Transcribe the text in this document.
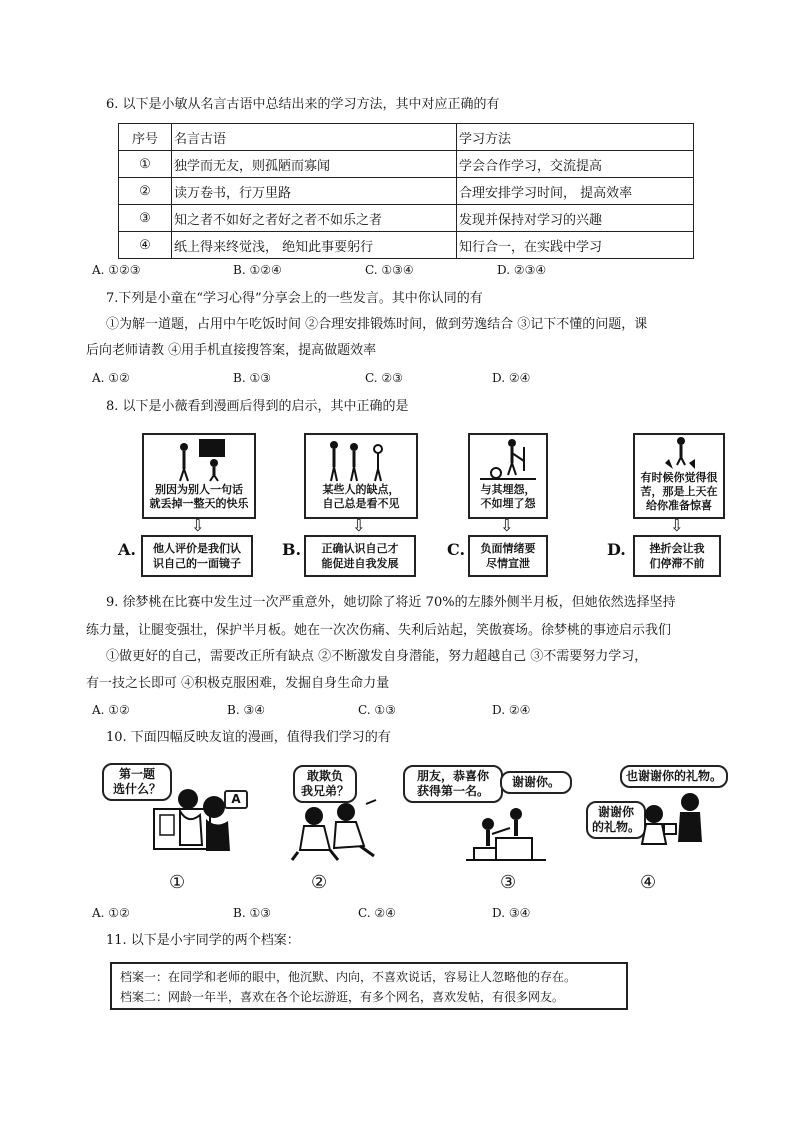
6. 以下是小敏从名言古语中总结出来的学习方法，其中对应正确的有
序号	名言古语	学习方法
①	独学而无友，则孤陋而寡闻	学会合作学习，交流提高
②	读万卷书，行万里路	合理安排学习时间， 提高效率
③	知之者不如好之者好之者不如乐之者	发现并保持对学习的兴趣
④	纸上得来终觉浅， 绝知此事要躬行	知行合一，在实践中学习
A. ①②③	B. ①②④	C. ①③④	D. ②③④
7.下列是小童在“学习心得”分享会上的一些发言。其中你认同的有
①为解一道题，占用中午吃饭时间 ②合理安排锻炼时间，做到劳逸结合 ③记下不懂的问题，课
后向老师请教 ④用手机直接搜答案，提高做题效率
A. ①②	B. ①③	C. ②③	D. ②④
8. 以下是小薇看到漫画后得到的启示，其中正确的是
别因为别人一句话
就丢掉一整天的快乐
⇩
A.	他人评价是我们认
识自己的一面镜子
某些人的缺点，
自己总是看不见
⇩
B.	正确认识自己才
能促进自我发展
与其埋怨，
不如埋了怨
⇩
C.	负面情绪要
尽情宣泄
有时候你觉得很
苦，那是上天在
给你准备惊喜
⇩
D.	挫折会让我
们停滞不前
9. 徐梦桃在比赛中发生过一次严重意外，她切除了将近 70%的左膝外侧半月板，但她依然选择坚持
练力量，让腿变强壮，保护半月板。她在一次次伤痛、失利后站起，笑傲赛场。徐梦桃的事迹启示我们
①做更好的自己，需要改正所有缺点 ②不断激发自身潜能，努力超越自己 ③不需要努力学习，
有一技之长即可 ④积极克服困难，发掘自身生命力量
A. ①②	B. ③④	C. ①③	D. ②④
10. 下面四幅反映友谊的漫画，值得我们学习的有
第一题
选什么？
A
①
敢欺负
我兄弟？
②
朋友，恭喜你
获得第一名。
谢谢你。
③
也谢谢你的礼物。
谢谢你
的礼物。
④
A. ①②	B. ①③	C. ②④	D. ③④
11. 以下是小宇同学的两个档案：
档案一：在同学和老师的眼中，他沉默、内向，不喜欢说话，容易让人忽略他的存在。
档案二：网龄一年半，喜欢在各个论坛游逛，有多个网名，喜欢发帖，有很多网友。
